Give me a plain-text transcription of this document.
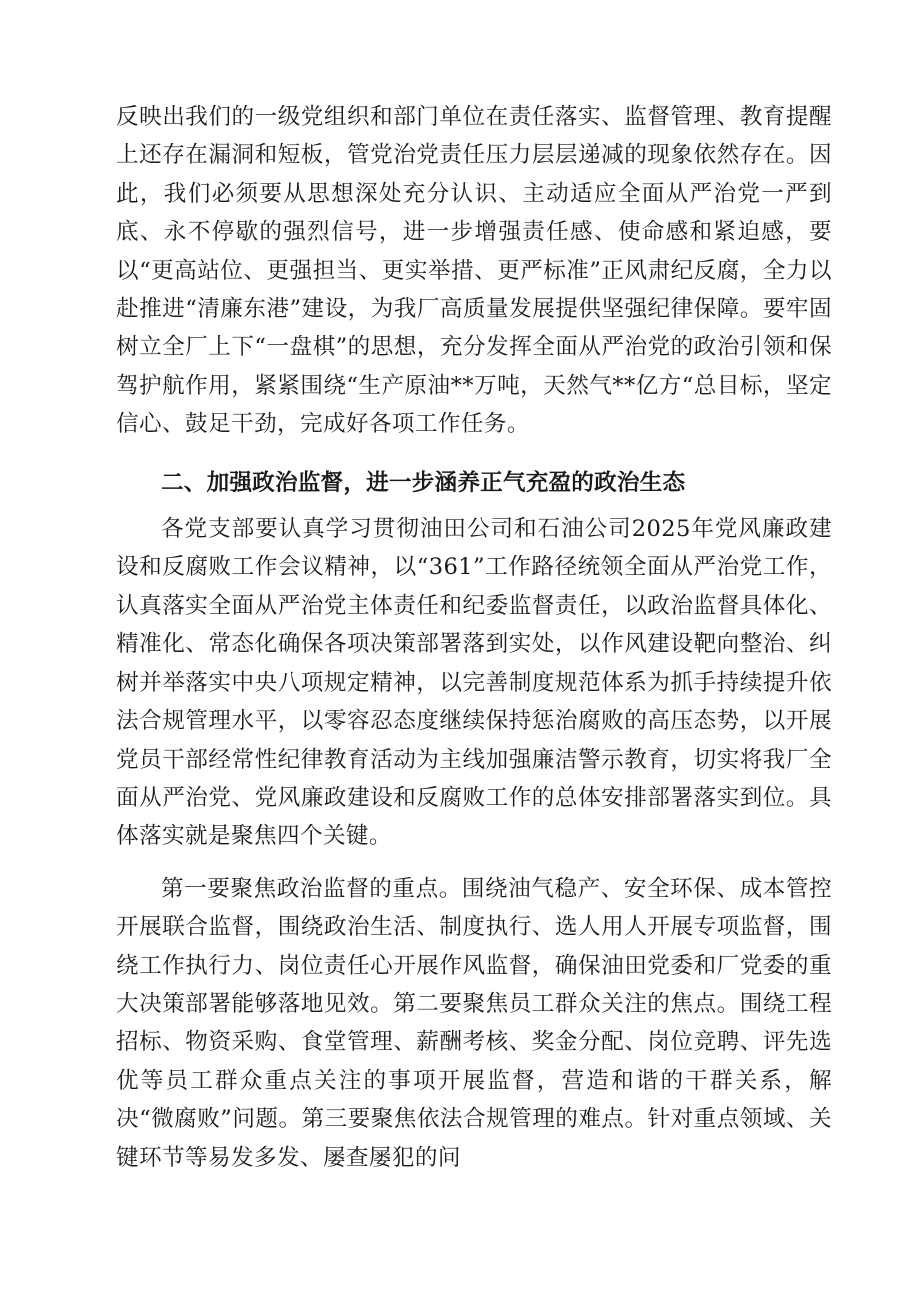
反映出我们的一级党组织和部门单位在责任落实、监督管理、教育提醒上还存在漏洞和短板，管党治党责任压力层层递减的现象依然存在。因此，我们必须要从思想深处充分认识、主动适应全面从严治党一严到底、永不停歇的强烈信号，进一步增强责任感、使命感和紧迫感，要以“更高站位、更强担当、更实举措、更严标准”正风肃纪反腐，全力以赴推进“清廉东港”建设，为我厂高质量发展提供坚强纪律保障。要牢固树立全厂上下“一盘棋”的思想，充分发挥全面从严治党的政治引领和保驾护航作用，紧紧围绕“生产原油**万吨，天然气**亿方“总目标，坚定信心、鼓足干劲，完成好各项工作任务。

二、加强政治监督，进一步涵养正气充盈的政治生态

各党支部要认真学习贯彻油田公司和石油公司2025年党风廉政建设和反腐败工作会议精神，以“361”工作路径统领全面从严治党工作，认真落实全面从严治党主体责任和纪委监督责任，以政治监督具体化、精准化、常态化确保各项决策部署落到实处，以作风建设靶向整治、纠树并举落实中央八项规定精神，以完善制度规范体系为抓手持续提升依法合规管理水平，以零容忍态度继续保持惩治腐败的高压态势，以开展党员干部经常性纪律教育活动为主线加强廉洁警示教育，切实将我厂全面从严治党、党风廉政建设和反腐败工作的总体安排部署落实到位。具体落实就是聚焦四个关键。

第一要聚焦政治监督的重点。围绕油气稳产、安全环保、成本管控开展联合监督，围绕政治生活、制度执行、选人用人开展专项监督，围绕工作执行力、岗位责任心开展作风监督，确保油田党委和厂党委的重大决策部署能够落地见效。第二要聚焦员工群众关注的焦点。围绕工程招标、物资采购、食堂管理、薪酬考核、奖金分配、岗位竞聘、评先选优等员工群众重点关注的事项开展监督，营造和谐的干群关系，解决“微腐败”问题。第三要聚焦依法合规管理的难点。针对重点领域、关键环节等易发多发、屡查屡犯的问
